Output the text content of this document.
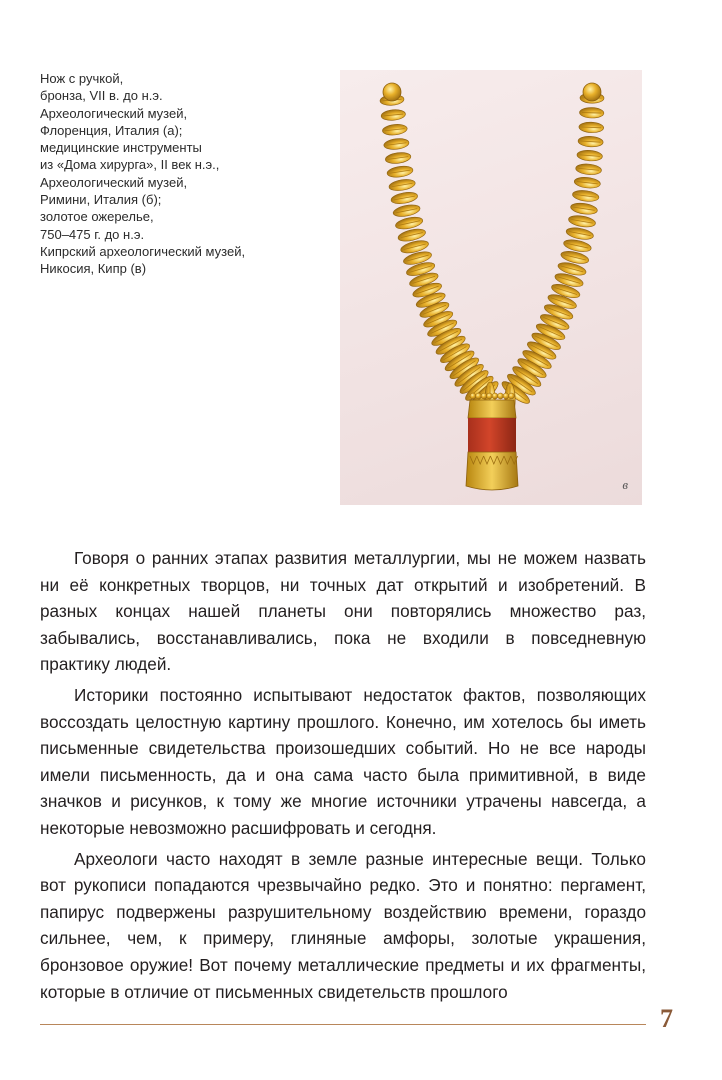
Нож с ручкой,
бронза, VII в. до н.э.
Археологический музей,
Флоренция, Италия (а);
медицинские инструменты
из «Дома хирурга», II век н.э.,
Археологический музей,
Римини, Италия (б);
золотое ожерелье,
750–475 г. до н.э.
Кипрский археологический музей,
Никосия, Кипр (в)
в

Говоря о ранних этапах развития металлургии, мы не можем назвать ни её конкретных творцов, ни точных дат открытий и изобретений. В разных концах нашей планеты они повторялись множество раз, забывались, восстанавливались, пока не входили в повседневную практику людей.

Историки постоянно испытывают недостаток фактов, позволяющих воссоздать целостную картину прошлого. Конечно, им хотелось бы иметь письменные свидетельства произошедших событий. Но не все народы имели письменность, да и она сама часто была примитивной, в виде значков и рисунков, к тому же многие источники утрачены навсегда, а некоторые невозможно расшифровать и сегодня.

Археологи часто находят в земле разные интересные вещи. Только вот рукописи попадаются чрезвычайно редко. Это и понятно: пергамент, папирус подвержены разрушительному воздействию времени, гораздо сильнее, чем, к примеру, глиняные амфоры, золотые украшения, бронзовое оружие! Вот почему металлические предметы и их фрагменты, которые в отличие от письменных свидетельств прошлого

7
